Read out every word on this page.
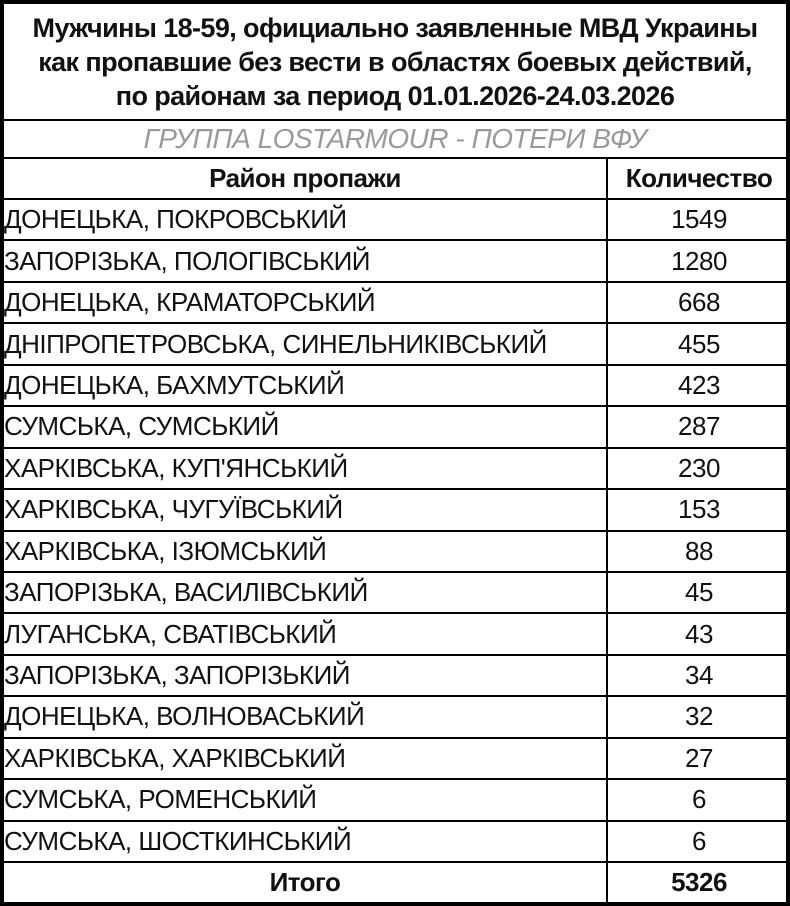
Мужчины 18-59, официально заявленные МВД Украины
как пропавшие без вести в областях боевых действий,
по районам за период 01.01.2026-24.03.2026
ГРУППА LOSTARMOUR - ПОТЕРИ ВФУ
Район пропажи	Количество
ДОНЕЦЬКА, ПОКРОВСЬКИЙ	1549
ЗАПОРІЗЬКА, ПОЛОГІВСЬКИЙ	1280
ДОНЕЦЬКА, КРАМАТОРСЬКИЙ	668
ДНІПРОПЕТРОВСЬКА, СИНЕЛЬНИКІВСЬКИЙ	455
ДОНЕЦЬКА, БАХМУТСЬКИЙ	423
СУМСЬКА, СУМСЬКИЙ	287
ХАРКІВСЬКА, КУП'ЯНСЬКИЙ	230
ХАРКІВСЬКА, ЧУГУЇВСЬКИЙ	153
ХАРКІВСЬКА, ІЗЮМСЬКИЙ	88
ЗАПОРІЗЬКА, ВАСИЛІВСЬКИЙ	45
ЛУГАНСЬКА, СВАТІВСЬКИЙ	43
ЗАПОРІЗЬКА, ЗАПОРІЗЬКИЙ	34
ДОНЕЦЬКА, ВОЛНОВАСЬКИЙ	32
ХАРКІВСЬКА, ХАРКІВСЬКИЙ	27
СУМСЬКА, РОМЕНСЬКИЙ	6
СУМСЬКА, ШОСТКИНСЬКИЙ	6
Итого	5326
